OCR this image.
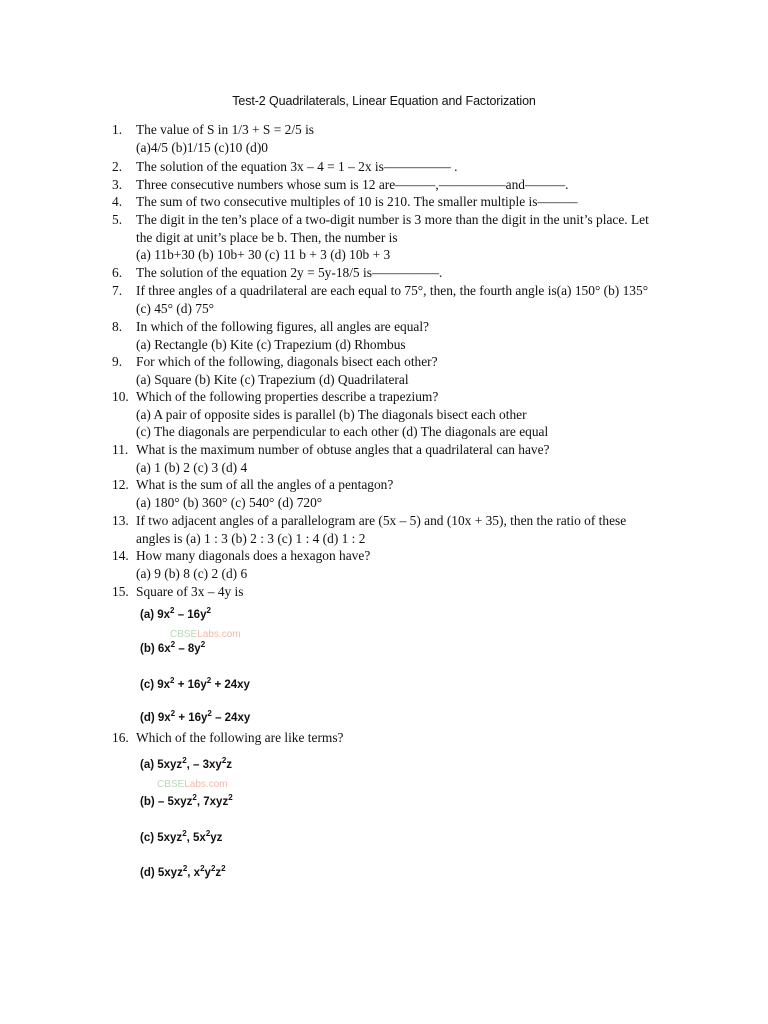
Test-2 Quadrilaterals, Linear Equation and Factorization
1.	The value of S in 1/3 + S = 2/5 is
(a)4/5 (b)1/15 (c)10 (d)0
2.	The solution of the equation 3x – 4 = 1 – 2x is————— .
3.	Three consecutive numbers whose sum is 12 are———,—————and———.
4.	The sum of two consecutive multiples of 10 is 210. The smaller multiple is———
5.	The digit in the ten’s place of a two-digit number is 3 more than the digit in the unit’s place. Let
the digit at unit’s place be b. Then, the number is
(a) 11b+30 (b) 10b+ 30 (c) 11 b + 3 (d) 10b + 3
6.	The solution of the equation 2y = 5y-18/5 is—————.
7.	If three angles of a quadrilateral are each equal to 75°, then, the fourth angle is(a) 150° (b) 135°
(c) 45° (d) 75°
8.	In which of the following figures, all angles are equal?
(a) Rectangle (b) Kite (c) Trapezium (d) Rhombus
9.	For which of the following, diagonals bisect each other?
(a) Square (b) Kite (c) Trapezium (d) Quadrilateral
10. Which of the following properties describe a trapezium?
(a) A pair of opposite sides is parallel (b) The diagonals bisect each other
(c) The diagonals are perpendicular to each other (d) The diagonals are equal
11. What is the maximum number of obtuse angles that a quadrilateral can have?
(a) 1 (b) 2 (c) 3 (d) 4
12. What is the sum of all the angles of a pentagon?
(a) 180° (b) 360° (c) 540° (d) 720°
13. If two adjacent angles of a parallelogram are (5x – 5) and (10x + 35), then the ratio of these
angles is (a) 1 : 3 (b) 2 : 3 (c) 1 : 4 (d) 1 : 2
14. How many diagonals does a hexagon have?
(a) 9 (b) 8 (c) 2 (d) 6
15. Square of 3x – 4y is
(a) $9x^2 - 16y^2$
CBSELabs.com
(b) $6x^2 - 8y^2$
(c) $9x^2 + 16y^2 + 24xy$
(d) $9x^2 + 16y^2 - 24xy$
16. Which of the following are like terms?
(a) 5xyz$^2$, – $3xy^2z$
CBSELabs.com
(b) – 5xyz$^2$, 7xyz$^2$
(c) 5xyz$^2$, $5x^2yz$
(d) 5xyz$^2$, $x^2y^2z^2$
